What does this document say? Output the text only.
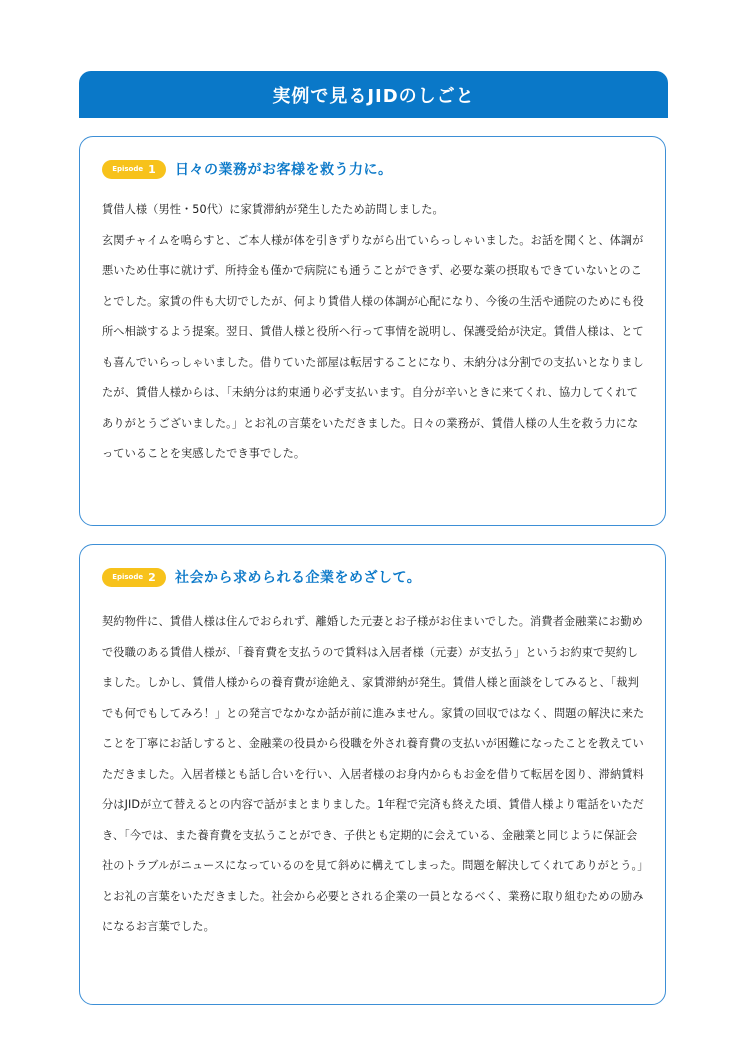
実例で見るJIDのしごと
Episode 1 日々の業務がお客様を救う力に。

賃借人様（男性・50代）に家賃滞納が発生したため訪問しました。

玄関チャイムを鳴らすと、ご本人様が体を引きずりながら出ていらっしゃいました。お話を聞くと、体調が悪いため仕事に就けず、所持金も僅かで病院にも通うことができず、必要な薬の摂取もできていないとのことでした。家賃の件も大切でしたが、何より賃借人様の体調が心配になり、今後の生活や通院のためにも役所へ相談するよう提案。翌日、賃借人様と役所へ行って事情を説明し、保護受給が決定。賃借人様は、とても喜んでいらっしゃいました。借りていた部屋は転居することになり、未納分は分割での支払いとなりましたが、賃借人様からは、「未納分は約束通り必ず支払います。自分が辛いときに来てくれ、協力してくれてありがとうございました。」とお礼の言葉をいただきました。日々の業務が、賃借人様の人生を救う力になっていることを実感したでき事でした。

Episode 2 社会から求められる企業をめざして。

契約物件に、賃借人様は住んでおられず、離婚した元妻とお子様がお住まいでした。消費者金融業にお勤めで役職のある賃借人様が、「養育費を支払うので賃料は入居者様（元妻）が支払う」というお約束で契約しました。しかし、賃借人様からの養育費が途絶え、家賃滞納が発生。賃借人様と面談をしてみると、「裁判でも何でもしてみろ！」との発言でなかなか話が前に進みません。家賃の回収ではなく、問題の解決に来たことを丁寧にお話しすると、金融業の役員から役職を外され養育費の支払いが困難になったことを教えていただきました。入居者様とも話し合いを行い、入居者様のお身内からもお金を借りて転居を図り、滞納賃料分はJIDが立て替えるとの内容で話がまとまりました。1年程で完済も終えた頃、賃借人様より電話をいただき、「今では、また養育費を支払うことができ、子供とも定期的に会えている、金融業と同じように保証会社のトラブルがニュースになっているのを見て斜めに構えてしまった。問題を解決してくれてありがとう。」とお礼の言葉をいただきました。社会から必要とされる企業の一員となるべく、業務に取り組むための励みになるお言葉でした。
